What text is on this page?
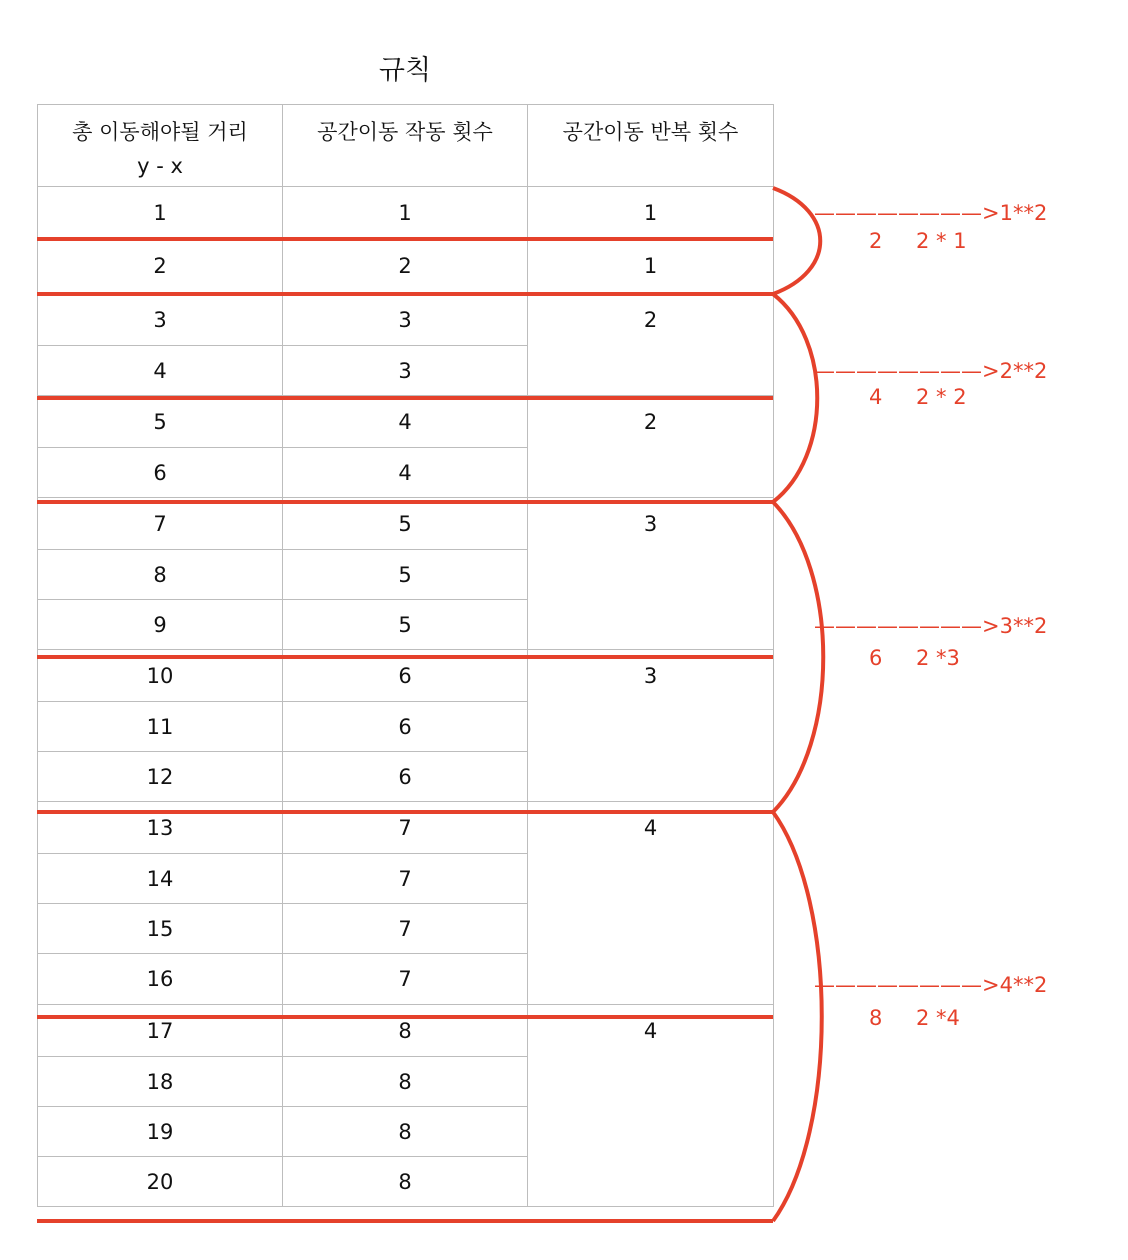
규칙
총 이동해야될 거리
y - x	공간이동 작동 횟수	공간이동 반복 횟수
1	1	1
2	2	1
3	3	2
4	3	
5	4	2
6	4	
7	5	3
8	5	
9	5	
10	6	3
11	6	
12	6	
13	7	4
14	7	
15	7	
16	7	
17	8	4
18	8	
19	8	
20	8	
————————>1**2
2 2 * 1
————————>2**2
4 2 * 2
————————>3**2
6 2 *3
————————>4**2
8 2 *4
